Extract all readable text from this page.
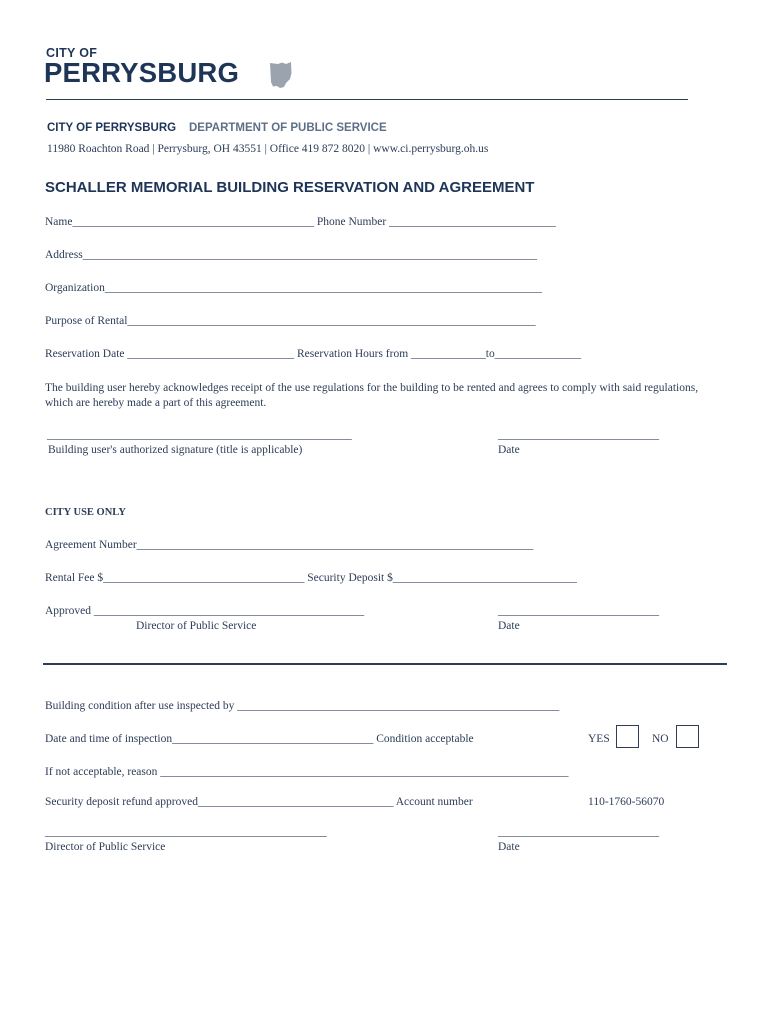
CITY OF
PERRYSBURG
CITY OF PERRYSBURG DEPARTMENT OF PUBLIC SERVICE
11980 Roachton Road | Perrysburg, OH 43551 | Office 419 872 8020 | www.ci.perrysburg.oh.us
SCHALLER MEMORIAL BUILDING RESERVATION AND AGREEMENT
Name__________________________________________ Phone Number _____________________________
Address_______________________________________________________________________________
Organization____________________________________________________________________________
Purpose of Rental_______________________________________________________________________
Reservation Date _____________________________ Reservation Hours from _____________to_______________
The building user hereby acknowledges receipt of the use regulations for the building to be rented and agrees to comply with said regulations, which are hereby made a part of this agreement.
_____________________________________________________
Building user's authorized signature (title is applicable)
____________________________
Date
CITY USE ONLY
Agreement Number_____________________________________________________________________
Rental Fee $___________________________________ Security Deposit $________________________________
Approved _______________________________________________	____________________________
Director of Public Service	Date
Building condition after use inspected by ________________________________________________________
Date and time of inspection___________________________________ Condition acceptable	YES	NO
If not acceptable, reason _______________________________________________________________________
Security deposit refund approved__________________________________ Account number	110-1760-56070
_________________________________________________
Director of Public Service
____________________________
Date
